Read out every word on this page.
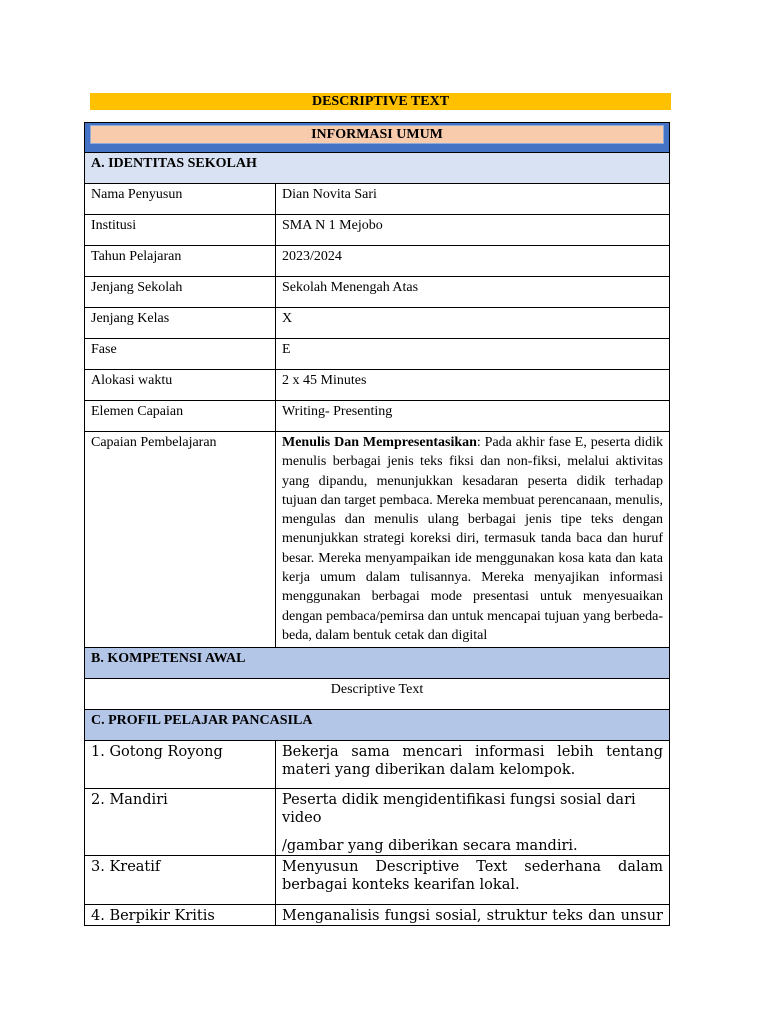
DESCRIPTIVE TEXT
INFORMASI UMUM	

A. IDENTITAS SEKOLAH	
Nama Penyusun	Dian Novita Sari
Institusi	SMA N 1 Mejobo
Tahun Pelajaran	2023/2024
Jenjang Sekolah	Sekolah Menengah Atas
Jenjang Kelas	X
Fase	E
Alokasi waktu	2 x 45 Minutes
Elemen Capaian	Writing- Presenting
Capaian Pembelajaran	Menulis Dan Mempresentasikan: Pada akhir fase E, peserta didik menulis berbagai jenis teks fiksi dan non-fiksi, melalui aktivitas yang dipandu, menunjukkan kesadaran peserta didik terhadap tujuan dan target pembaca. Mereka membuat perencanaan, menulis, mengulas dan menulis ulang berbagai jenis tipe teks dengan menunjukkan strategi koreksi diri, termasuk tanda baca dan huruf besar. Mereka menyampaikan ide menggunakan kosa kata dan kata kerja umum dalam tulisannya. Mereka menyajikan informasi menggunakan berbagai mode presentasi untuk menyesuaikan dengan pembaca/pemirsa dan untuk mencapai tujuan yang berbeda-beda, dalam bentuk cetak dan digital
B. KOMPETENSI AWAL	
Descriptive Text	
C. PROFIL PELAJAR PANCASILA	
1. Gotong Royong	Bekerja sama mencari informasi lebih tentang materi yang diberikan dalam kelompok.
2. Mandiri	Peserta didik mengidentifikasi fungsi sosial dari video
/gambar yang diberikan secara mandiri.

3. Kreatif	Menyusun Descriptive Text sederhana dalam berbagai konteks kearifan lokal.
4. Berpikir Kritis	Menganalisis fungsi sosial, struktur teks dan unsur
